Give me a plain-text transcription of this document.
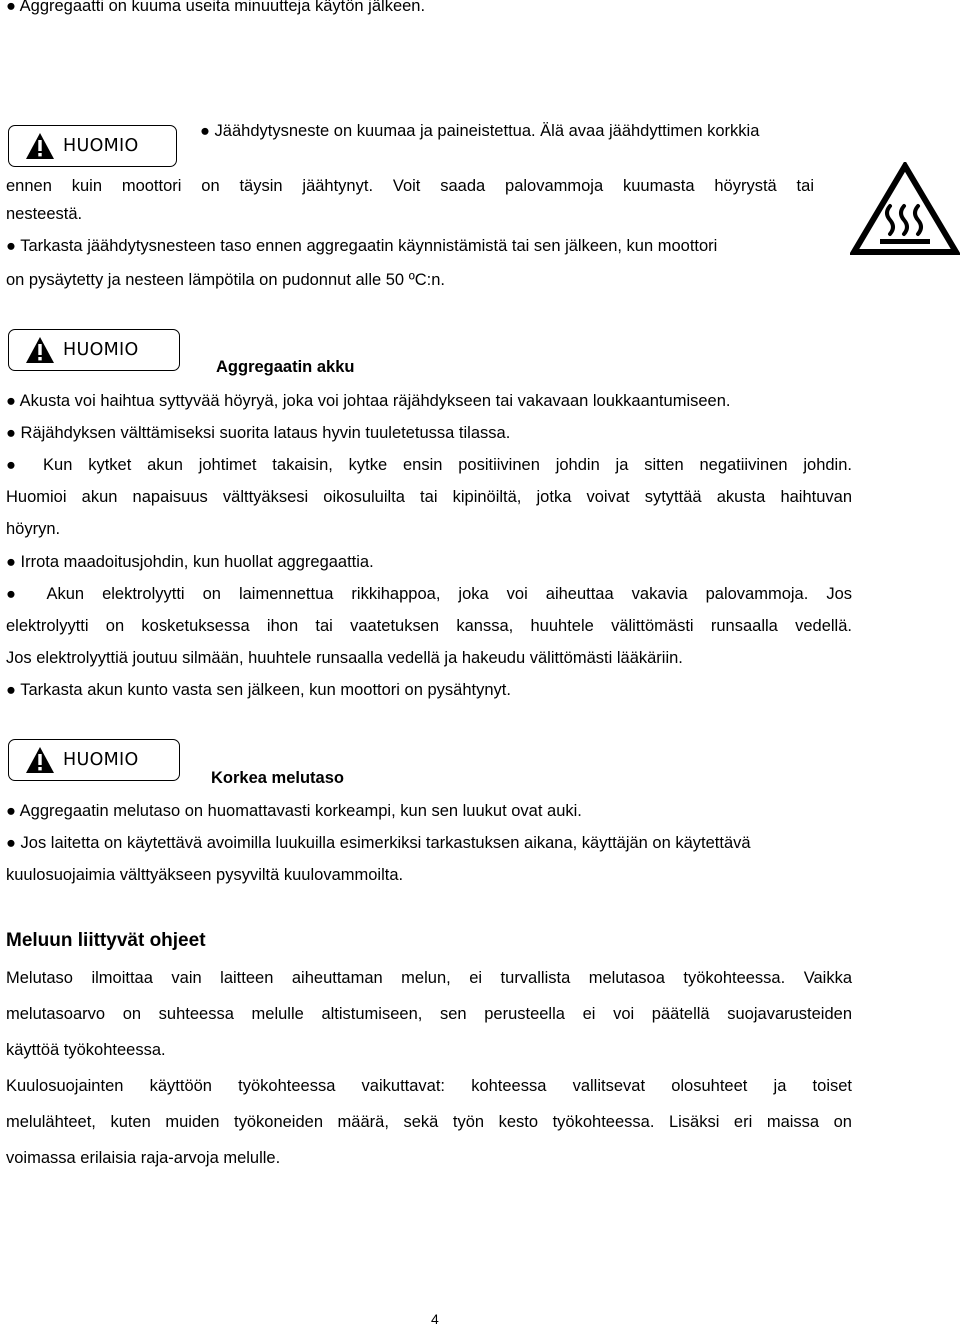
● Aggregaatti on kuuma useita minuutteja käytön jälkeen.
HUOMIO
● Jäähdytysneste on kuumaa ja paineistettua. Älä avaa jäähdyttimen korkkia
ennen kuin moottori on täysin jäähtynyt. Voit saada palovammoja kuumasta höyrystä tai
nesteestä.
● Tarkasta jäähdytysnesteen taso ennen aggregaatin käynnistämistä tai sen jälkeen, kun moottori
on pysäytetty ja nesteen lämpötila on pudonnut alle 50 ºC:n.
HUOMIO
Aggregaatin akku
● Akusta voi haihtua syttyvää höyryä, joka voi johtaa räjähdykseen tai vakavaan loukkaantumiseen.
● Räjähdyksen välttämiseksi suorita lataus hyvin tuuletetussa tilassa.
● Kun kytket akun johtimet takaisin, kytke ensin positiivinen johdin ja sitten negatiivinen johdin.
Huomioi akun napaisuus välttyäksesi oikosuluilta tai kipinöiltä, jotka voivat sytyttää akusta haihtuvan
höyryn.
● Irrota maadoitusjohdin, kun huollat aggregaattia.
● Akun elektrolyytti on laimennettua rikkihappoa, joka voi aiheuttaa vakavia palovammoja. Jos
elektrolyytti on kosketuksessa ihon tai vaatetuksen kanssa, huuhtele välittömästi runsaalla vedellä.
Jos elektrolyyttiä joutuu silmään, huuhtele runsaalla vedellä ja hakeudu välittömästi lääkäriin.
● Tarkasta akun kunto vasta sen jälkeen, kun moottori on pysähtynyt.
HUOMIO
Korkea melutaso
● Aggregaatin melutaso on huomattavasti korkeampi, kun sen luukut ovat auki.
● Jos laitetta on käytettävä avoimilla luukuilla esimerkiksi tarkastuksen aikana, käyttäjän on käytettävä
kuulosuojaimia välttyäkseen pysyviltä kuulovammoilta.
Meluun liittyvät ohjeet
Melutaso ilmoittaa vain laitteen aiheuttaman melun, ei turvallista melutasoa työkohteessa. Vaikka
melutasoarvo on suhteessa melulle altistumiseen, sen perusteella ei voi päätellä suojavarusteiden
käyttöä työkohteessa.
Kuulosuojainten käyttöön työkohteessa vaikuttavat: kohteessa vallitsevat olosuhteet ja toiset
melulähteet, kuten muiden työkoneiden määrä, sekä työn kesto työkohteessa. Lisäksi eri maissa on
voimassa erilaisia raja-arvoja melulle.
4
